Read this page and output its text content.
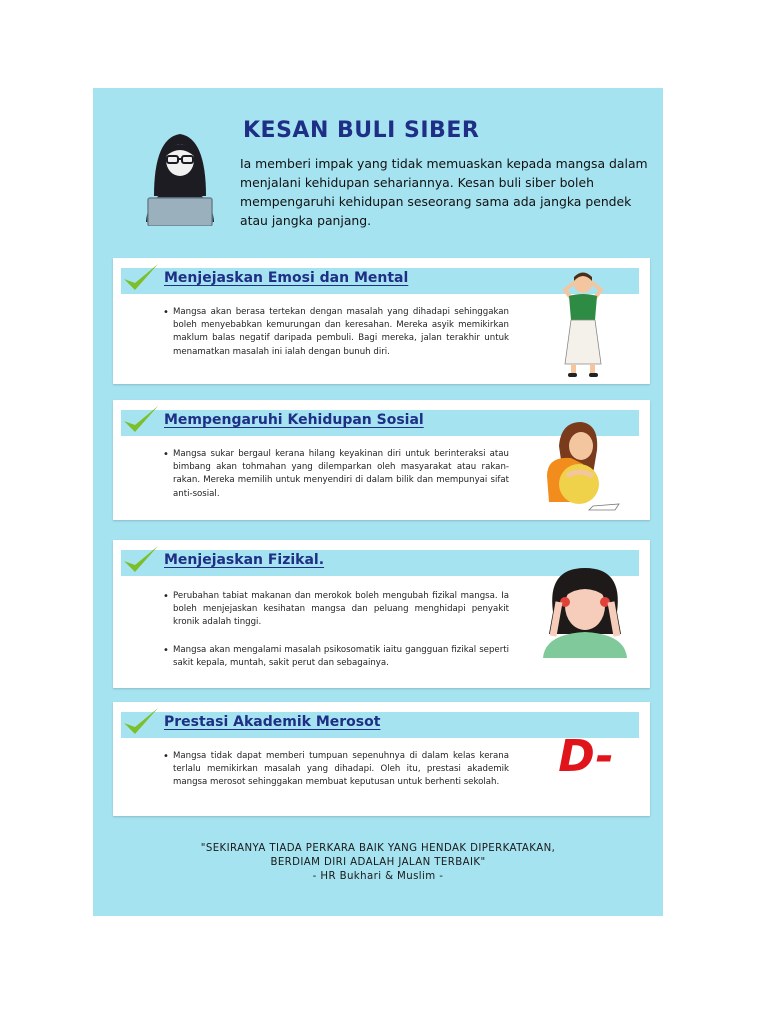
KESAN BULI SIBER

Ia memberi impak yang tidak memuaskan kepada mangsa dalam menjalani kehidupan sehariannya. Kesan buli siber boleh mempengaruhi kehidupan seseorang sama ada jangka pendek atau jangka panjang.

Menjejaskan Emosi dan Mental
• Mangsa akan berasa tertekan dengan masalah yang dihadapi sehinggakan boleh menyebabkan kemurungan dan keresahan. Mereka asyik memikirkan maklum balas negatif daripada pembuli. Bagi mereka, jalan terakhir untuk menamatkan masalah ini ialah dengan bunuh diri.
Mempengaruhi Kehidupan Sosial
• Mangsa sukar bergaul kerana hilang keyakinan diri untuk berinteraksi atau bimbang akan tohmahan yang dilemparkan oleh masyarakat atau rakan-rakan. Mereka memilih untuk menyendiri di dalam bilik dan mempunyai sifat anti-sosial.
Menjejaskan Fizikal.
• Perubahan tabiat makanan dan merokok boleh mengubah fizikal mangsa. Ia boleh menjejaskan kesihatan mangsa dan peluang menghidapi penyakit kronik adalah tinggi.
• Mangsa akan mengalami masalah psikosomatik iaitu gangguan fizikal seperti sakit kepala, muntah, sakit perut dan sebagainya.
Prestasi Akademik Merosot
• Mangsa tidak dapat memberi tumpuan sepenuhnya di dalam kelas kerana terlalu memikirkan masalah yang dihadapi. Oleh itu, prestasi akademik mangsa merosot sehinggakan membuat keputusan untuk berhenti sekolah.
D-

"SEKIRANYA TIADA PERKARA BAIK YANG HENDAK DIPERKATAKAN,
BERDIAM DIRI ADALAH JALAN TERBAIK"
- HR Bukhari & Muslim -
